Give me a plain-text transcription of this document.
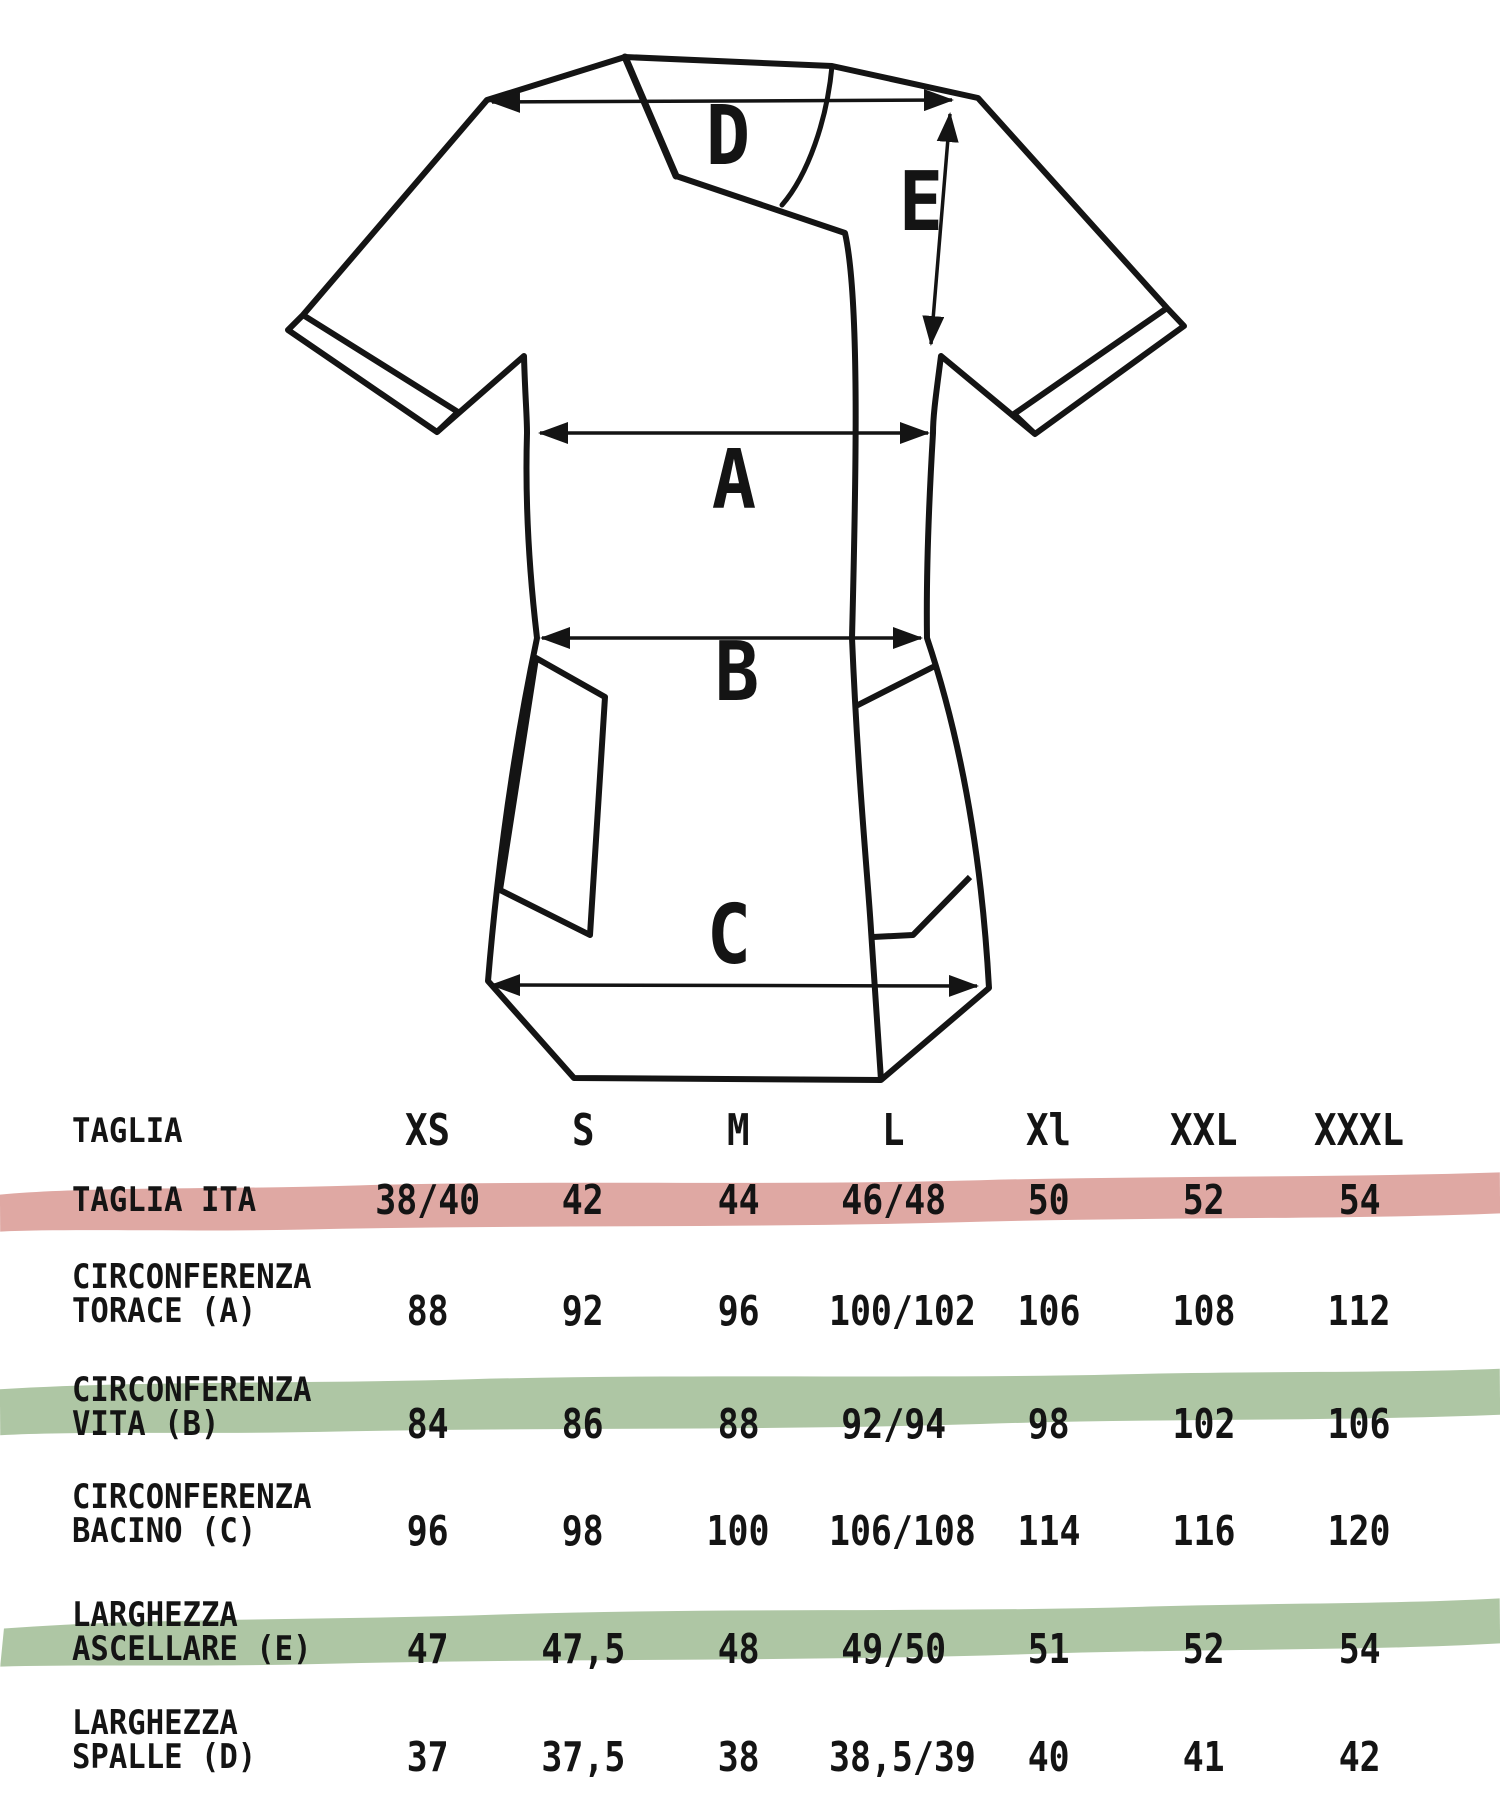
D
E
A
B
C
TAGLIA	XS	S	M	L	Xl	XXL	XXXL
TAGLIA ITA	38/40	42	44	46/48	50	52	54
CIRCONFERENZA
TORACE (A)	88	92	96	100/102	106	108	112
CIRCONFERENZA
VITA (B)	84	86	88	92/94	98	102	106
CIRCONFERENZA
BACINO (C)	96	98	100	106/108	114	116	120
LARGHEZZA
ASCELLARE (E)	47	47,5	48	49/50	51	52	54
LARGHEZZA
SPALLE (D)	37	37,5	38	38,5/39	40	41	42
